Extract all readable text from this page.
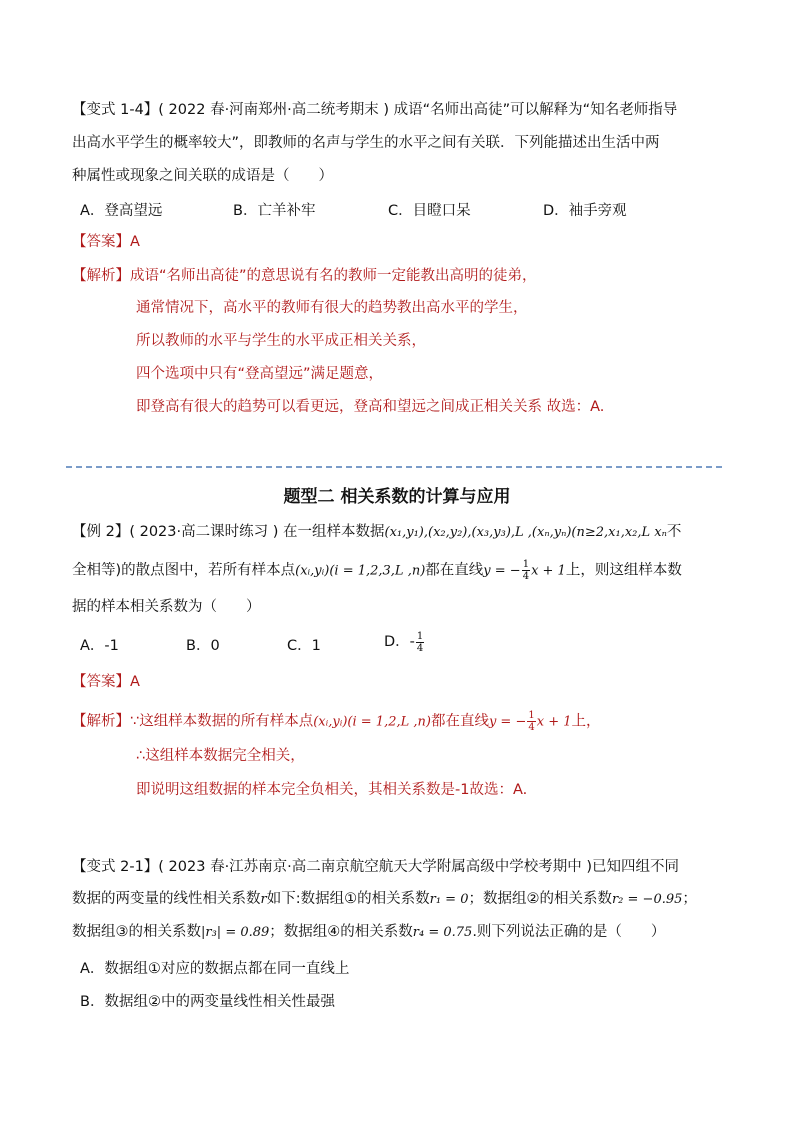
【变式 1-4】( 2022 春·河南郑州·高二统考期末 ) 成语“名师出高徒”可以解释为“知名老师指导
出高水平学生的概率较大”，即教师的名声与学生的水平之间有关联．下列能描述出生活中两
种属性或现象之间关联的成语是（　　）
A．登高望远	B．亡羊补牢	C．目瞪口呆	D．袖手旁观
【答案】A
【解析】成语“名师出高徒”的意思说有名的教师一定能教出高明的徒弟，
通常情况下，高水平的教师有很大的趋势教出高水平的学生，
所以教师的水平与学生的水平成正相关关系，
四个选项中只有“登高望远”满足题意，
即登高有很大的趋势可以看更远，登高和望远之间成正相关关系 故选：A.
题型二 相关系数的计算与应用
【例 2】( 2023·高二课时练习 ) 在一组样本数据(x₁,y₁),(x₂,y₂),(x₃,y₃),L ,(xₙ,yₙ)(n≥2,x₁,x₂,L xₙ不
全相等)的散点图中，若所有样本点(xᵢ,yᵢ)(i = 1,2,3,L ,n)都在直线y = − $\frac{1}{4}$ x + 1上，则这组样本数
据的样本相关系数为（　　）
A．-1	B．0	C．1	D．- $\frac{1}{4}$
【答案】A
【解析】∵这组样本数据的所有样本点(xᵢ,yᵢ)(i = 1,2,L ,n)都在直线y = − $\frac{1}{4}$ x + 1上，
∴这组样本数据完全相关，
即说明这组数据的样本完全负相关，其相关系数是-1故选：A.
【变式 2-1】( 2023 春·江苏南京·高二南京航空航天大学附属高级中学校考期中 )已知四组不同
数据的两变量的线性相关系数r如下:数据组①的相关系数r₁ = 0；数据组②的相关系数r₂ = −0.95；
数据组③的相关系数|r₃| = 0.89；数据组④的相关系数r₄ = 0.75.则下列说法正确的是（　　）
A．数据组①对应的数据点都在同一直线上
B．数据组②中的两变量线性相关性最强
